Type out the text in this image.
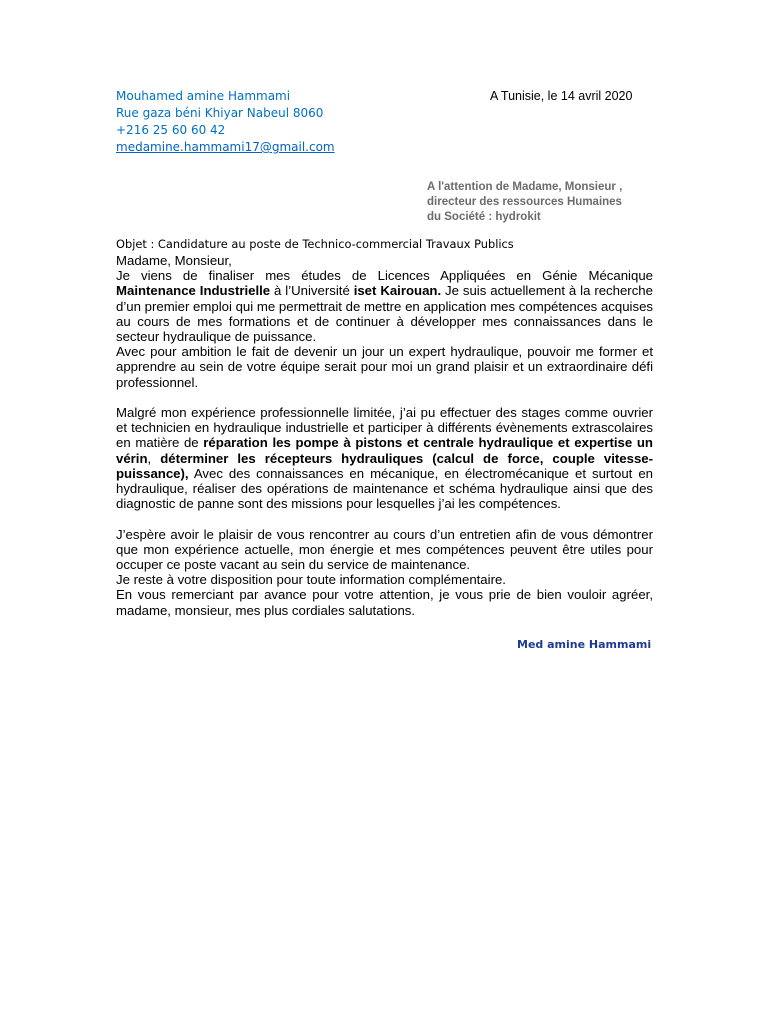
Mouhamed amine Hammami
Rue gaza béni Khiyar Nabeul 8060
+216 25 60 60 42
medamine.hammami17@gmail.com
A Tunisie, le 14 avril 2020
A l'attention de Madame, Monsieur ,
directeur des ressources Humaines
du Société : hydrokit
Objet : Candidature au poste de Technico-commercial Travaux Publics

Madame, Monsieur,

Je viens de finaliser mes études de Licences Appliquées en Génie Mécanique Maintenance Industrielle à l’Université iset Kairouan. Je suis actuellement à la recherche d’un premier emploi qui me permettrait de mettre en application mes compétences acquises au cours de mes formations et de continuer à développer mes connaissances dans le secteur hydraulique de puissance.

Avec pour ambition le fait de devenir un jour un expert hydraulique, pouvoir me former et apprendre au sein de votre équipe serait pour moi un grand plaisir et un extraordinaire défi professionnel.

Malgré mon expérience professionnelle limitée, j’ai pu effectuer des stages comme ouvrier et technicien en hydraulique industrielle et participer à différents évènements extrascolaires en matière de réparation les pompe à pistons et centrale hydraulique et expertise un vérin, déterminer les récepteurs hydrauliques (calcul de force, couple vitesse-puissance), Avec des connaissances en mécanique, en électromécanique et surtout en hydraulique, réaliser des opérations de maintenance et schéma hydraulique ainsi que des diagnostic de panne sont des missions pour lesquelles j’ai les compétences.

J’espère avoir le plaisir de vous rencontrer au cours d’un entretien afin de vous démontrer que mon expérience actuelle, mon énergie et mes compétences peuvent être utiles pour occuper ce poste vacant au sein du service de maintenance.

Je reste à votre disposition pour toute information complémentaire.

En vous remerciant par avance pour votre attention, je vous prie de bien vouloir agréer, madame, monsieur, mes plus cordiales salutations.

Med amine Hammami
